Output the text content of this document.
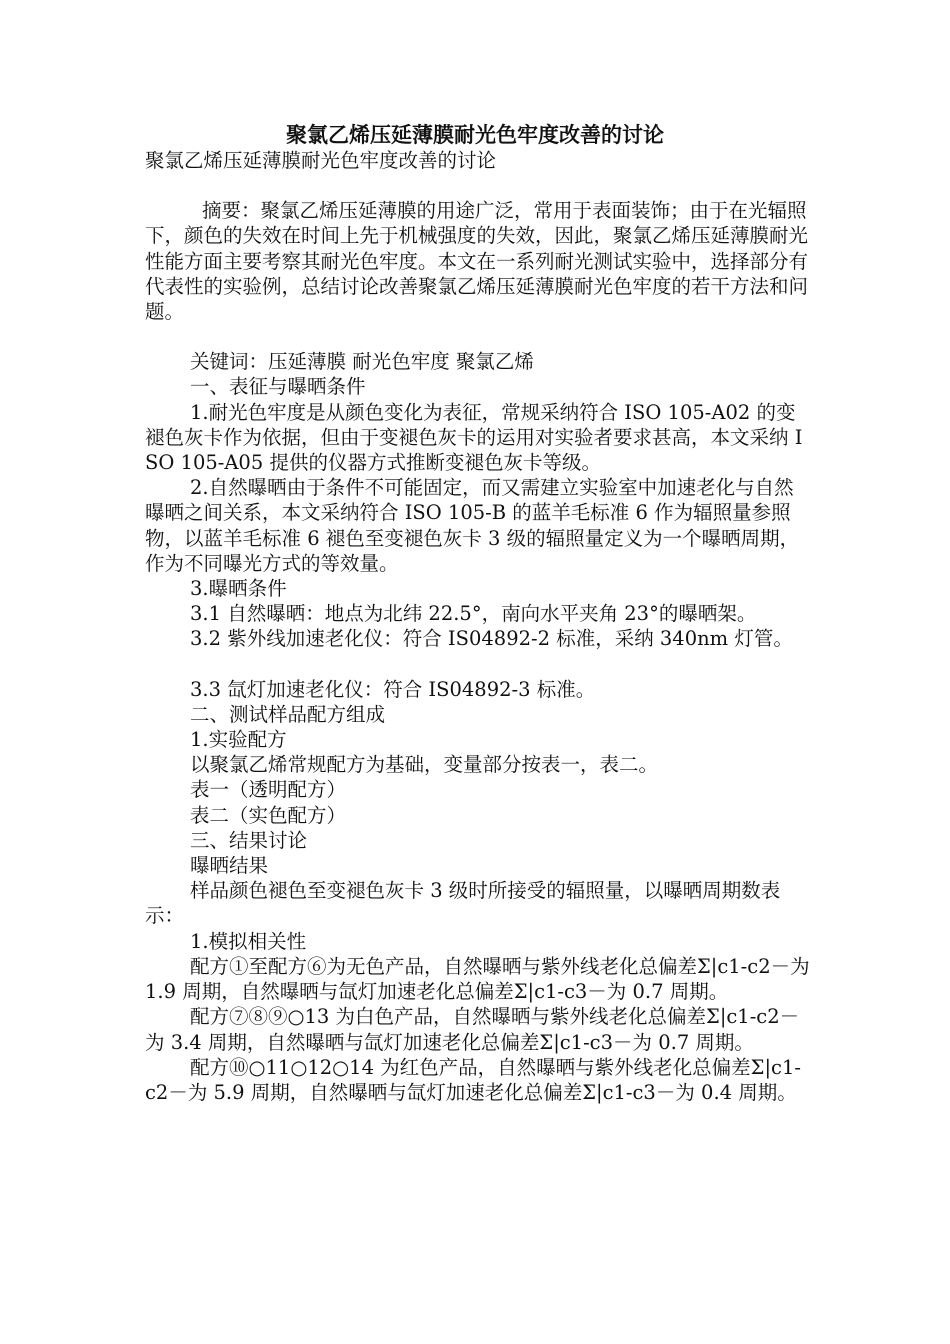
聚氯乙烯压延薄膜耐光色牢度改善的讨论

聚氯乙烯压延薄膜耐光色牢度改善的讨论

摘要：聚氯乙烯压延薄膜的用途广泛，常用于表面装饰；由于在光辐照下，颜色的失效在时间上先于机械强度的失效，因此，聚氯乙烯压延薄膜耐光性能方面主要考察其耐光色牢度。本文在一系列耐光测试实验中，选择部分有代表性的实验例，总结讨论改善聚氯乙烯压延薄膜耐光色牢度的若干方法和问题。

关键词：压延薄膜 耐光色牢度 聚氯乙烯

一、表征与曝晒条件

1.耐光色牢度是从颜色变化为表征，常规采纳符合 ISO 105-A02 的变褪色灰卡作为依据，但由于变褪色灰卡的运用对实验者要求甚高，本文采纳 ISO 105-A05 提供的仪器方式推断变褪色灰卡等级。

2.自然曝晒由于条件不可能固定，而又需建立实验室中加速老化与自然曝晒之间关系，本文采纳符合 ISO 105-B 的蓝羊毛标准 6 作为辐照量参照物，以蓝羊毛标准 6 褪色至变褪色灰卡 3 级的辐照量定义为一个曝晒周期，作为不同曝光方式的等效量。

3.曝晒条件

3.1 自然曝晒：地点为北纬 22.5°，南向水平夹角 23°的曝晒架。

3.2 紫外线加速老化仪：符合 IS04892-2 标准，采纳 340nm 灯管。

3.3 氙灯加速老化仪：符合 IS04892-3 标准。

二、测试样品配方组成

1.实验配方

以聚氯乙烯常规配方为基础，变量部分按表一，表二。

表一（透明配方）

表二（实色配方）

三、结果讨论

曝晒结果

样品颜色褪色至变褪色灰卡 3 级时所接受的辐照量，以曝晒周期数表示：

1.模拟相关性

配方①至配方⑥为无色产品，自然曝晒与紫外线老化总偏差Σ|c1-c2－为 1.9 周期，自然曝晒与氙灯加速老化总偏差Σ|c1-c3－为 0.7 周期。

配方⑦⑧⑨○13 为白色产品，自然曝晒与紫外线老化总偏差Σ|c1-c2－为 3.4 周期，自然曝晒与氙灯加速老化总偏差Σ|c1-c3－为 0.7 周期。

配方⑩○11○12○14 为红色产品，自然曝晒与紫外线老化总偏差Σ|c1-c2－为 5.9 周期，自然曝晒与氙灯加速老化总偏差Σ|c1-c3－为 0.4 周期。
